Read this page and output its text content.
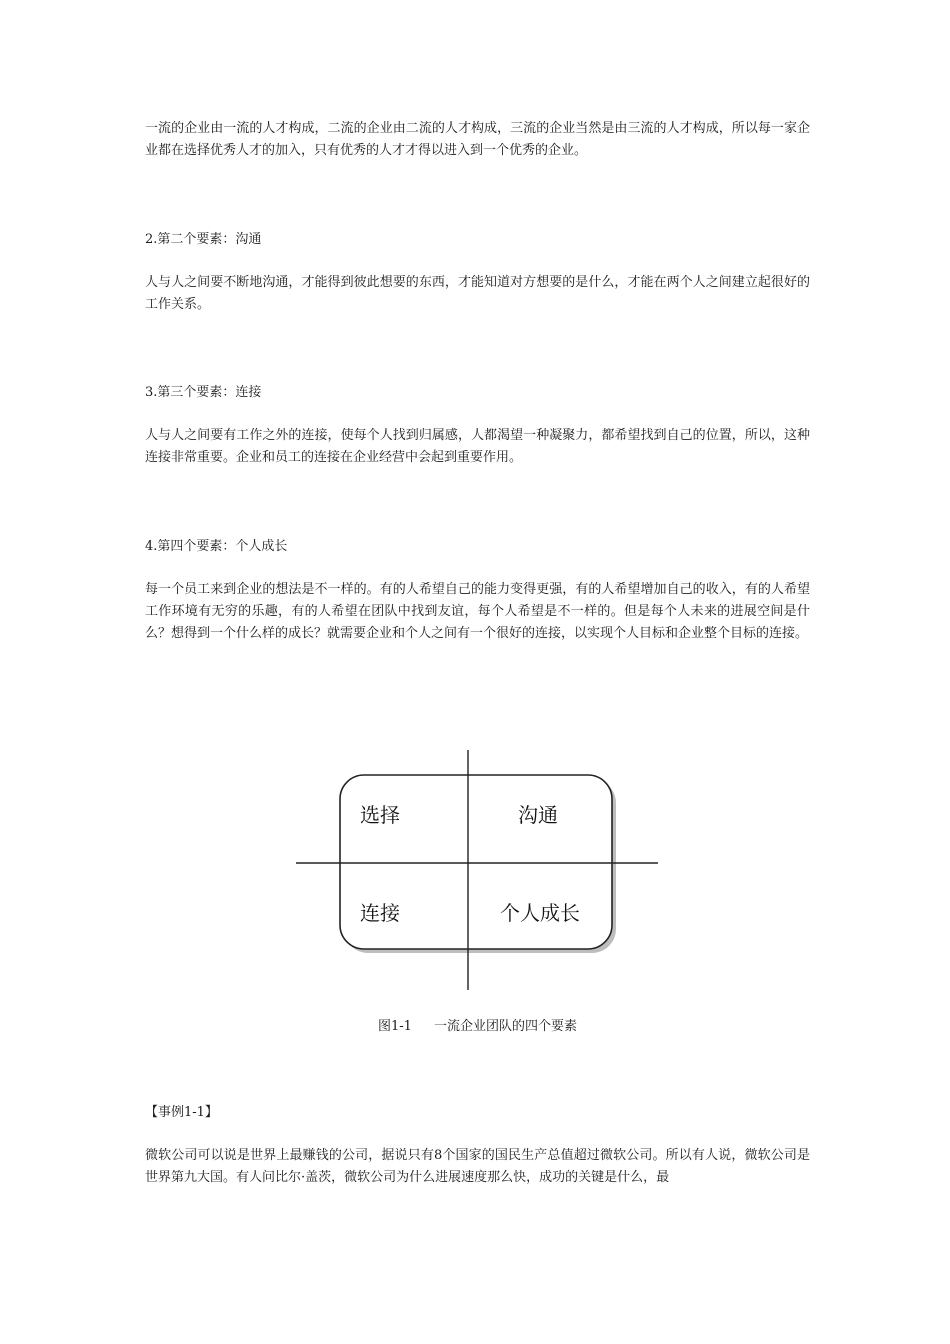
一流的企业由一流的人才构成，二流的企业由二流的人才构成，三流的企业当然是由三流的人才构成，所以每一家企业都在选择优秀人才的加入，只有优秀的人才才得以进入到一个优秀的企业。

2.第二个要素：沟通

人与人之间要不断地沟通，才能得到彼此想要的东西，才能知道对方想要的是什么，才能在两个人之间建立起很好的工作关系。

3.第三个要素：连接

人与人之间要有工作之外的连接，使每个人找到归属感，人都渴望一种凝聚力，都希望找到自己的位置，所以，这种连接非常重要。企业和员工的连接在企业经营中会起到重要作用。

4.第四个要素：个人成长

每一个员工来到企业的想法是不一样的。有的人希望自己的能力变得更强，有的人希望增加自己的收入，有的人希望工作环境有无穷的乐趣，有的人希望在团队中找到友谊，每个人希望是不一样的。但是每个人未来的进展空间是什么？想得到一个什么样的成长？就需要企业和个人之间有一个很好的连接，以实现个人目标和企业整个目标的连接。

选择	沟通
连接	个人成长

图1-1 一流企业团队的四个要素

【事例1-1】

微软公司可以说是世界上最赚钱的公司，据说只有8个国家的国民生产总值超过微软公司。所以有人说，微软公司是世界第九大国。有人问比尔·盖茨，微软公司为什么进展速度那么快，成功的关键是什么，最
